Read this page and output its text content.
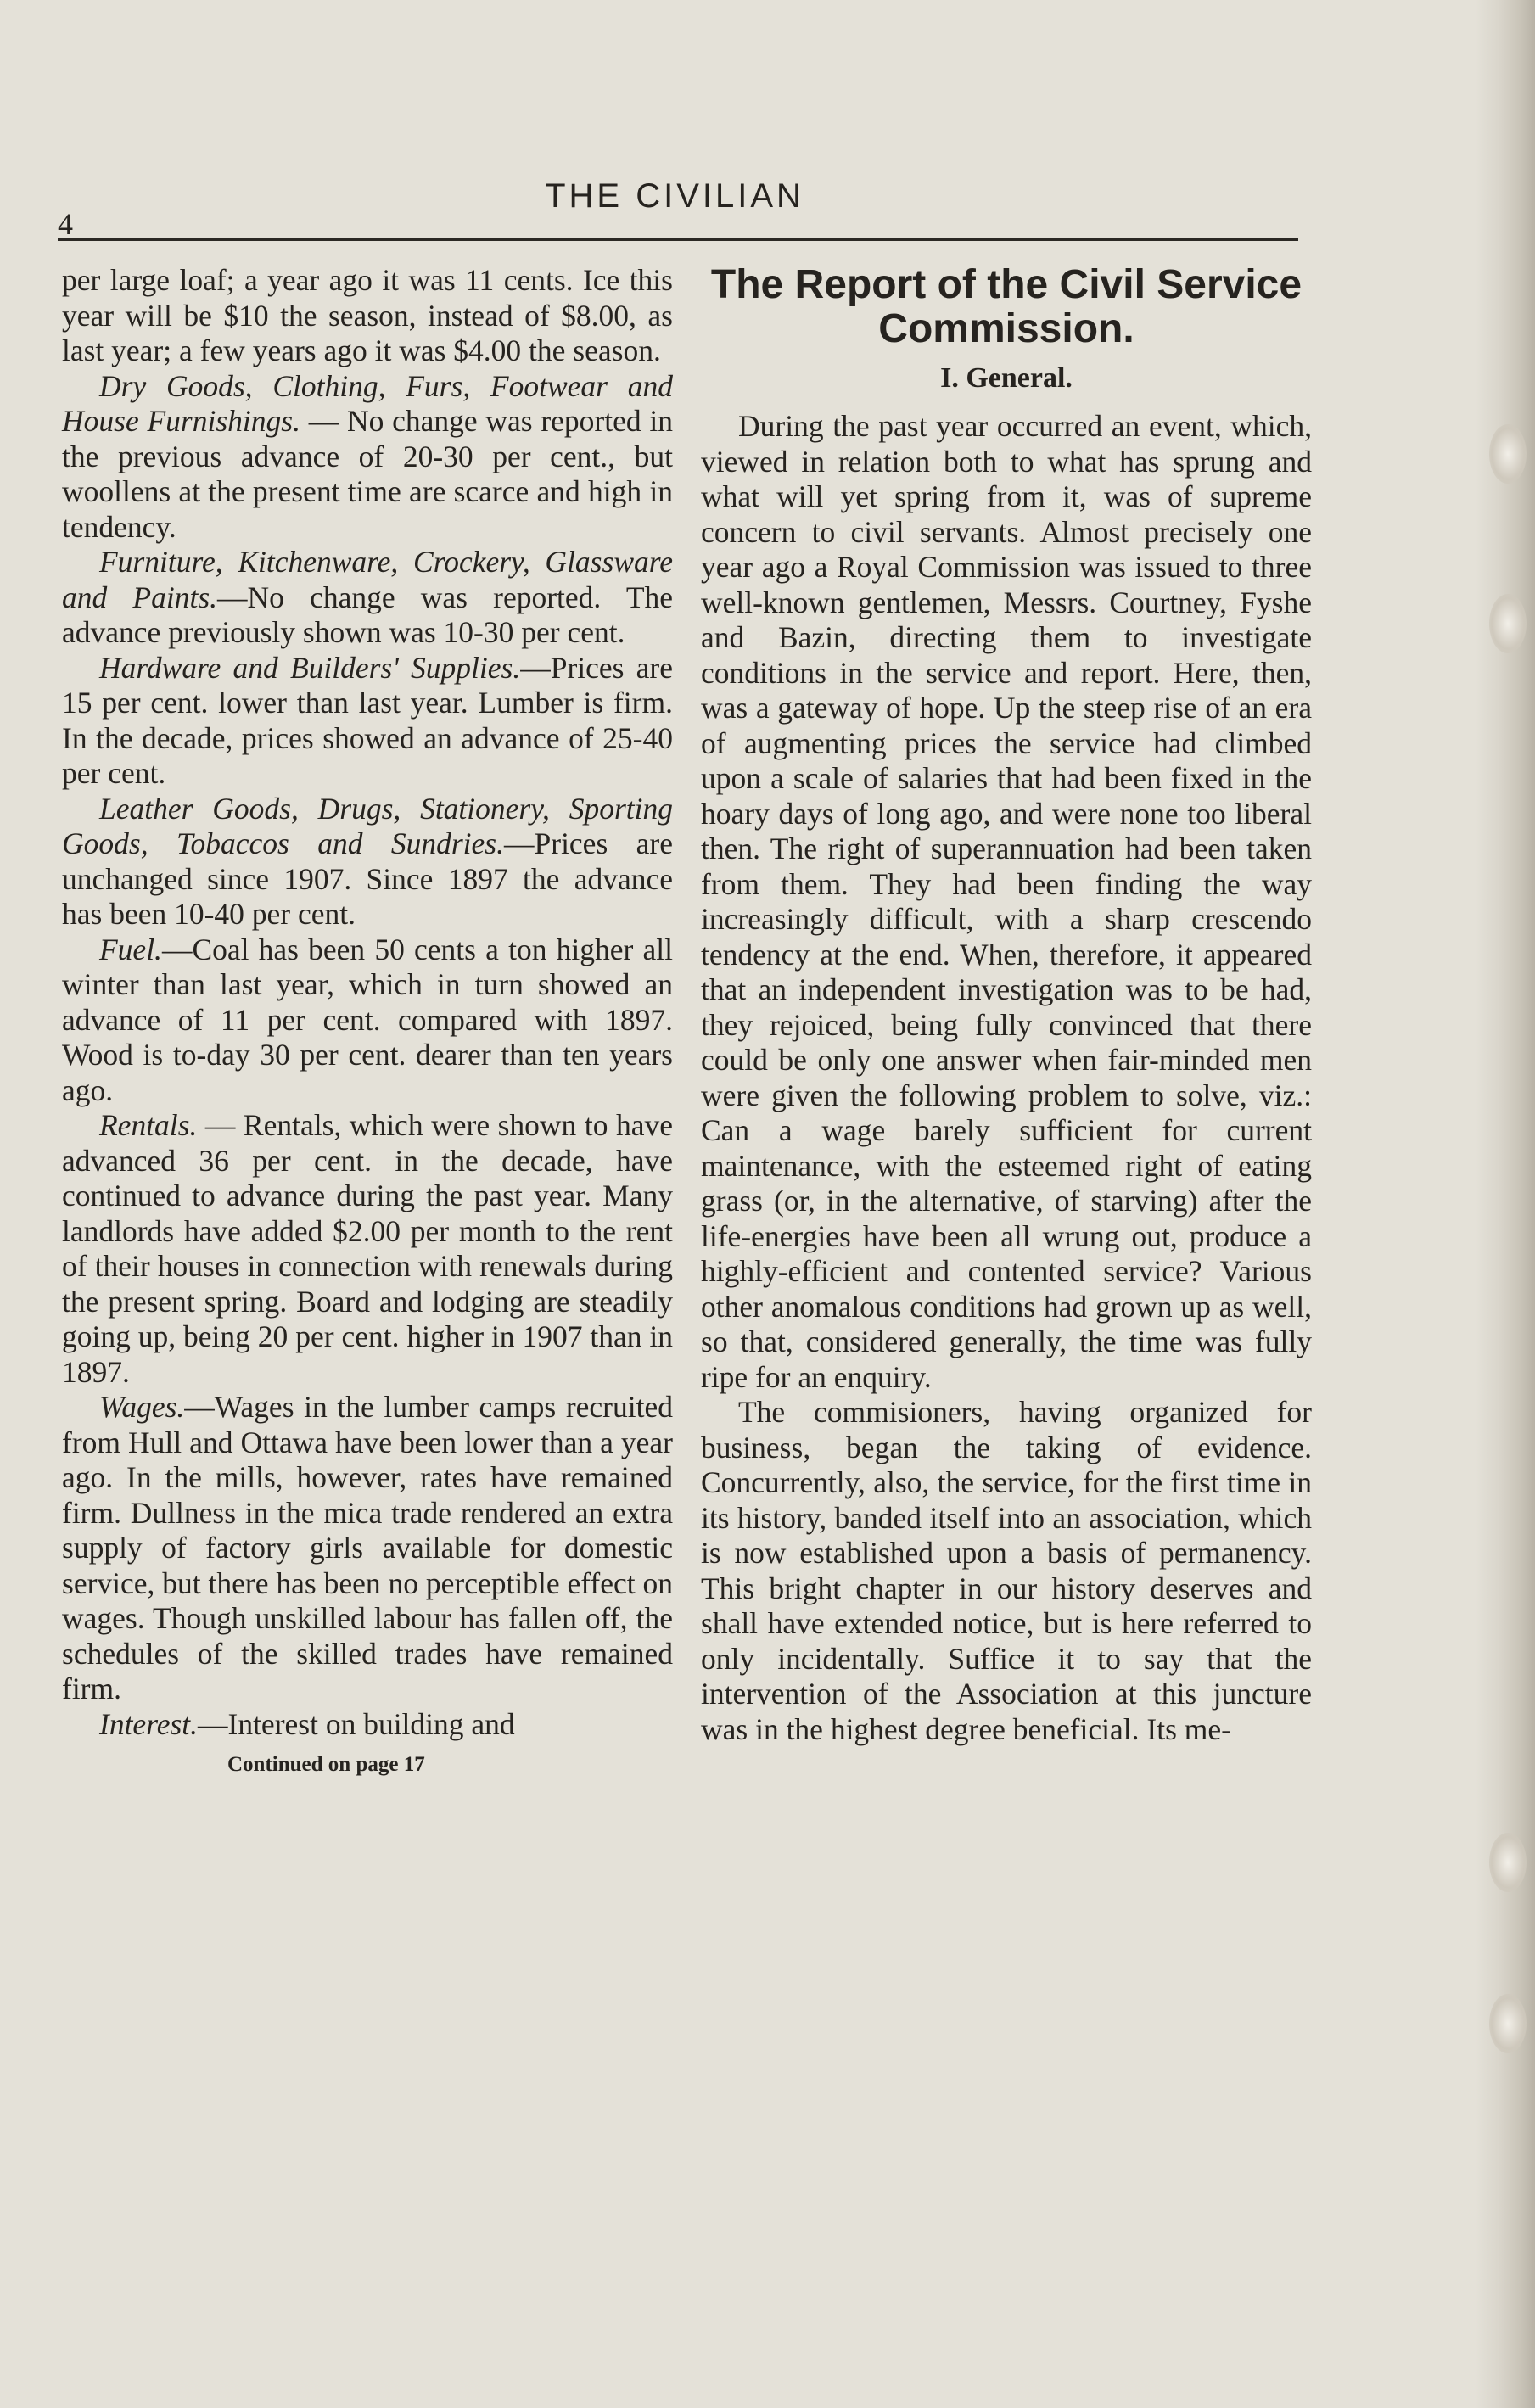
4
THE CIVILIAN

per large loaf; a year ago it was 11 cents. Ice this year will be $10 the season, instead of $8.00, as last year; a few years ago it was $4.00 the season.

Dry Goods, Clothing, Furs, Footwear and House Furnishings. — No change was reported in the previous advance of 20-30 per cent., but woollens at the present time are scarce and high in tendency.

Furniture, Kitchenware, Crockery, Glassware and Paints.—No change was reported. The advance previously shown was 10-30 per cent.

Hardware and Builders' Supplies.—Prices are 15 per cent. lower than last year. Lumber is firm. In the decade, prices showed an advance of 25-40 per cent.

Leather Goods, Drugs, Stationery, Sporting Goods, Tobaccos and Sundries.—Prices are unchanged since 1907. Since 1897 the advance has been 10-40 per cent.

Fuel.—Coal has been 50 cents a ton higher all winter than last year, which in turn showed an advance of 11 per cent. compared with 1897. Wood is to-day 30 per cent. dearer than ten years ago.

Rentals. — Rentals, which were shown to have advanced 36 per cent. in the decade, have continued to advance during the past year. Many landlords have added $2.00 per month to the rent of their houses in connection with renewals during the present spring. Board and lodging are steadily going up, being 20 per cent. higher in 1907 than in 1897.

Wages.—Wages in the lumber camps recruited from Hull and Ottawa have been lower than a year ago. In the mills, however, rates have remained firm. Dullness in the mica trade rendered an extra supply of factory girls available for domestic service, but there has been no perceptible effect on wages. Though unskilled labour has fallen off, the schedules of the skilled trades have remained firm.

Interest.—Interest on building and

Continued on page 17
The Report of the Civil Service Commission.
I. General.

During the past year occurred an event, which, viewed in relation both to what has sprung and what will yet spring from it, was of supreme concern to civil servants. Almost precisely one year ago a Royal Commission was issued to three well-known gentlemen, Messrs. Courtney, Fyshe and Bazin, directing them to investigate conditions in the service and report. Here, then, was a gateway of hope. Up the steep rise of an era of augmenting prices the service had climbed upon a scale of salaries that had been fixed in the hoary days of long ago, and were none too liberal then. The right of superannuation had been taken from them. They had been finding the way increasingly difficult, with a sharp crescendo tendency at the end. When, therefore, it appeared that an independent investigation was to be had, they rejoiced, being fully convinced that there could be only one answer when fair-minded men were given the following problem to solve, viz.: Can a wage barely sufficient for current maintenance, with the esteemed right of eating grass (or, in the alternative, of starving) after the life-energies have been all wrung out, produce a highly-efficient and contented service? Various other anomalous conditions had grown up as well, so that, considered generally, the time was fully ripe for an enquiry.

The commisioners, having organized for business, began the taking of evidence. Concurrently, also, the service, for the first time in its history, banded itself into an association, which is now established upon a basis of permanency. This bright chapter in our history deserves and shall have extended notice, but is here referred to only incidentally. Suffice it to say that the intervention of the Association at this juncture was in the highest degree beneficial. Its me-
